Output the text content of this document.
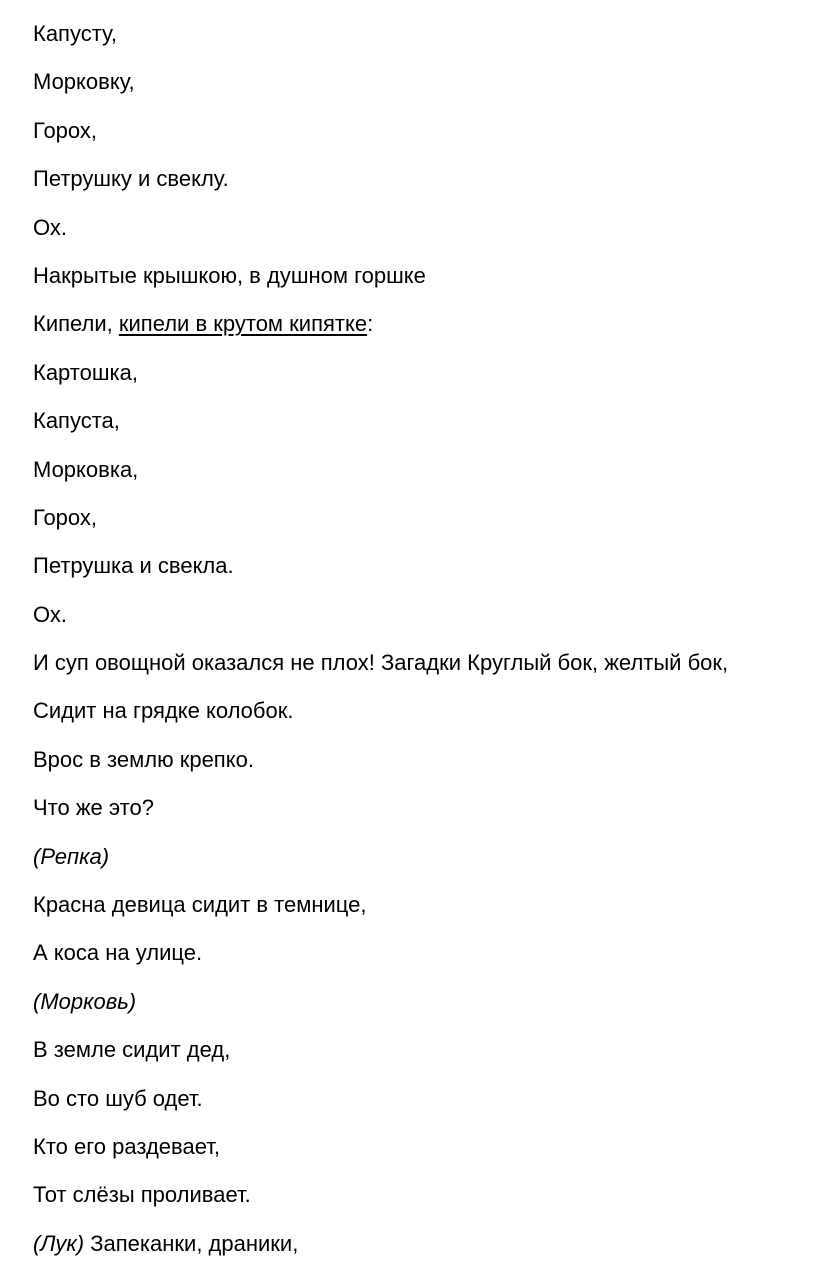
Капусту,
Морковку,
Горох,
Петрушку и свеклу.
Ох.
Накрытые крышкою, в душном горшке
Кипели, кипели в крутом кипятке:
Картошка,
Капуста,
Морковка,
Горох,
Петрушка и свекла.
Ох.
И суп овощной оказался не плох! Загадки Круглый бок, желтый бок,
Сидит на грядке колобок.
Врос в землю крепко.
Что же это?
(Репка)
Красна девица сидит в темнице,
А коса на улице.
(Морковь)
В земле сидит дед,
Во сто шуб одет.
Кто его раздевает,
Тот слёзы проливает.
(Лук) Запеканки, драники,
